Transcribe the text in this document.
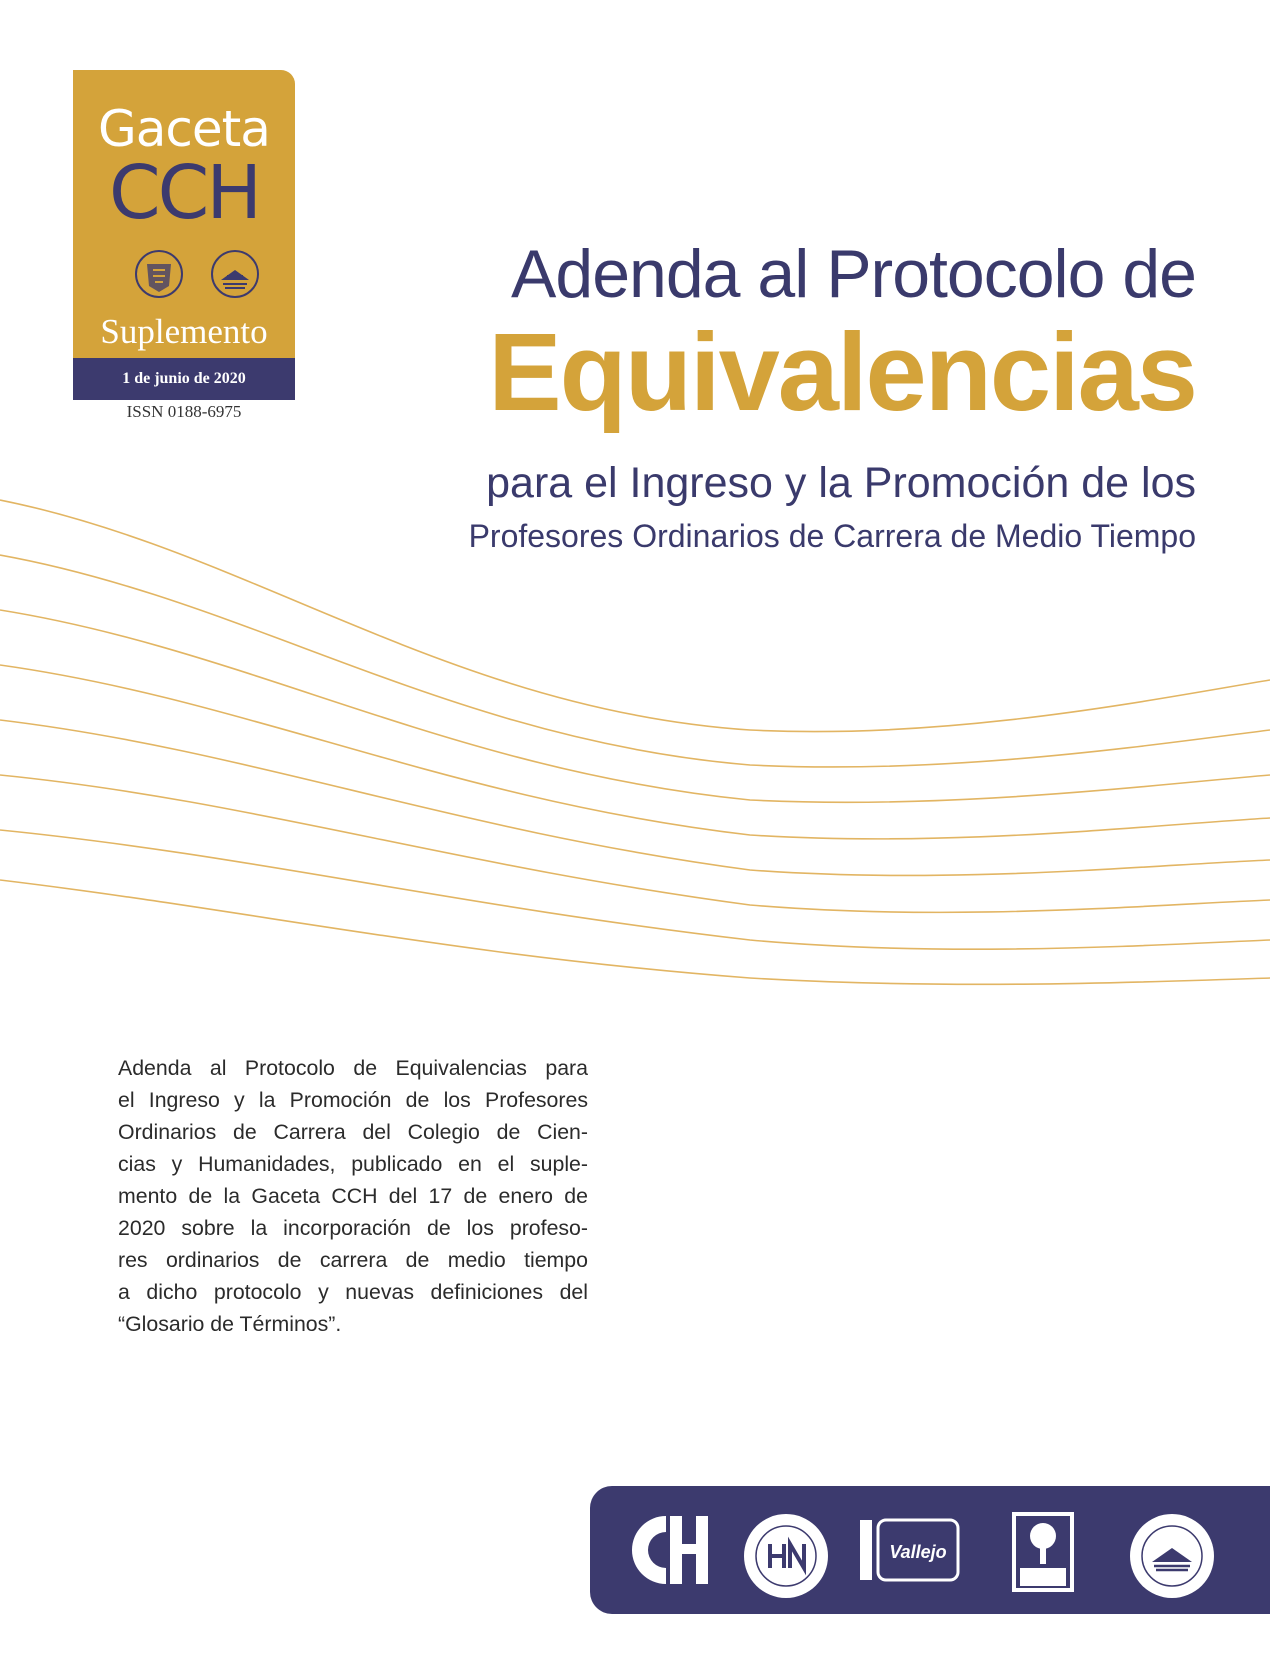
Gaceta
CCH
Suplemento
1 de junio de 2020
ISSN 0188-6975
Adenda al Protocolo de
Equivalencias
para el Ingreso y la Promoción de los
Profesores Ordinarios de Carrera de Medio Tiempo
Adenda al Protocolo de Equivalencias para
el Ingreso y la Promoción de los Profesores
Ordinarios de Carrera del Colegio de Cien-
cias y Humanidades, publicado en el suple-
mento de la Gaceta CCH del 17 de enero de
2020 sobre la incorporación de los profeso-
res ordinarios de carrera de medio tiempo
a dicho protocolo y nuevas definiciones del
“Glosario de Términos”.
Vallejo
